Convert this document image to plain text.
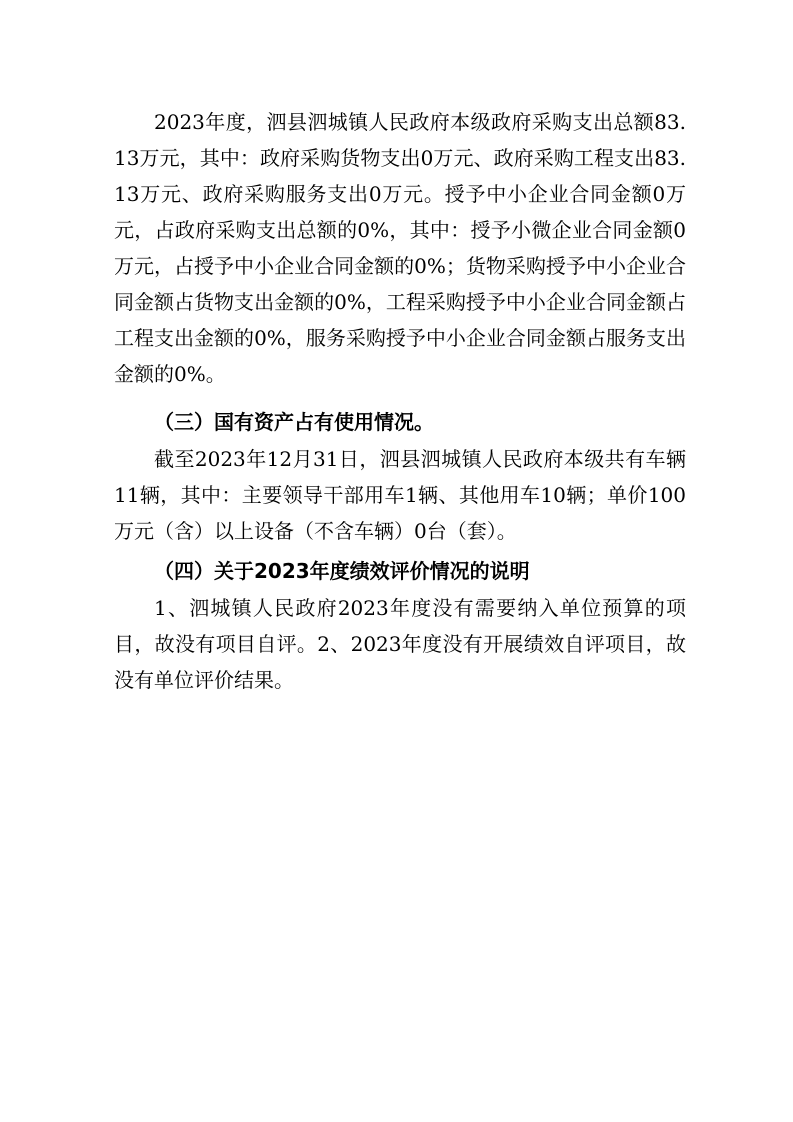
2023年度，泗县泗城镇人民政府本级政府采购支出总额83.13万元，其中：政府采购货物支出0万元、政府采购工程支出83.13万元、政府采购服务支出0万元。授予中小企业合同金额0万元，占政府采购支出总额的0%，其中：授予小微企业合同金额0万元，占授予中小企业合同金额的0%；货物采购授予中小企业合同金额占货物支出金额的0%，工程采购授予中小企业合同金额占工程支出金额的0%，服务采购授予中小企业合同金额占服务支出金额的0%。

（三）国有资产占有使用情况。

截至2023年12月31日，泗县泗城镇人民政府本级共有车辆11辆，其中：主要领导干部用车1辆、其他用车10辆；单价100万元（含）以上设备（不含车辆）0台（套）。

（四）关于2023年度绩效评价情况的说明

1、泗城镇人民政府2023年度没有需要纳入单位预算的项目，故没有项目自评。2、2023年度没有开展绩效自评项目，故没有单位评价结果。
